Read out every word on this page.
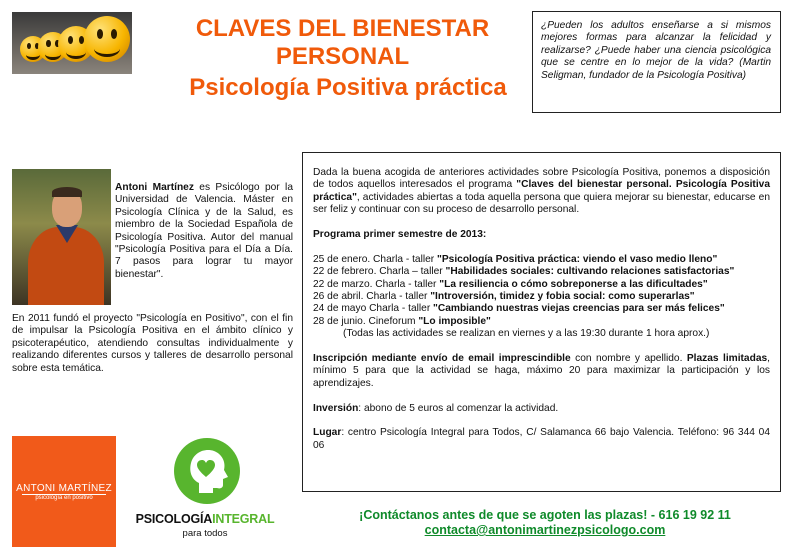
CLAVES DEL BIENESTAR
PERSONAL
Psicología Positiva práctica
¿Pueden los adultos enseñarse a si mismos mejores formas para alcanzar la felicidad y realizarse? ¿Puede haber una ciencia psicológica que se centre en lo mejor de la vida? (Martin Seligman, fundador de la Psicología Positiva)
Antoni Martínez es Psicólogo por la Universidad de Valencia. Máster en Psicología Clínica y de la Salud, es miembro de la Sociedad Española de Psicología Positiva. Autor del manual "Psicología Positiva para el Día a Día. 7 pasos para lograr tu mayor bienestar".
En 2011 fundó el proyecto "Psicología en Positivo", con el fin de impulsar la Psicología Positiva en el ámbito clínico y psicoterapéutico, atendiendo consultas individualmente y realizando diferentes cursos y talleres de desarrollo personal sobre esta temática.

Dada la buena acogida de anteriores actividades sobre Psicología Positiva, ponemos a disposición de todos aquellos interesados el programa "Claves del bienestar personal. Psicología Positiva práctica", actividades abiertas a toda aquella persona que quiera mejorar su bienestar, educarse en ser feliz y continuar con su proceso de desarrollo personal.

Programa primer semestre de 2013:

25 de enero. Charla - taller "Psicología Positiva práctica: viendo el vaso medio lleno"

22 de febrero. Charla – taller "Habilidades sociales: cultivando relaciones satisfactorias"

22 de marzo. Charla - taller "La resiliencia o cómo sobreponerse a las dificultades"

26 de abril. Charla - taller "Introversión, timidez y fobia social: como superarlas"

24 de mayo Charla - taller "Cambiando nuestras viejas creencias para ser más felices"

28 de junio. Cineforum "Lo imposible"

(Todas las actividades se realizan en viernes y a las 19:30 durante 1 hora aprox.)

Inscripción mediante envío de email imprescindible con nombre y apellido. Plazas limitadas, mínimo 5 para que la actividad se haga, máximo 20 para maximizar la participación y los aprendizajes.

Inversión: abono de 5 euros al comenzar la actividad.

Lugar: centro Psicología Integral para Todos, C/ Salamanca 66 bajo Valencia. Teléfono: 96 344 04 06

ANTONI MARTÍNEZ
psicología en positivo
PSICOLOGÍAINTEGRAL
para todos
¡Contáctanos antes de que se agoten las plazas! - 616 19 92 11
contacta@antonimartinezpsicologo.com
